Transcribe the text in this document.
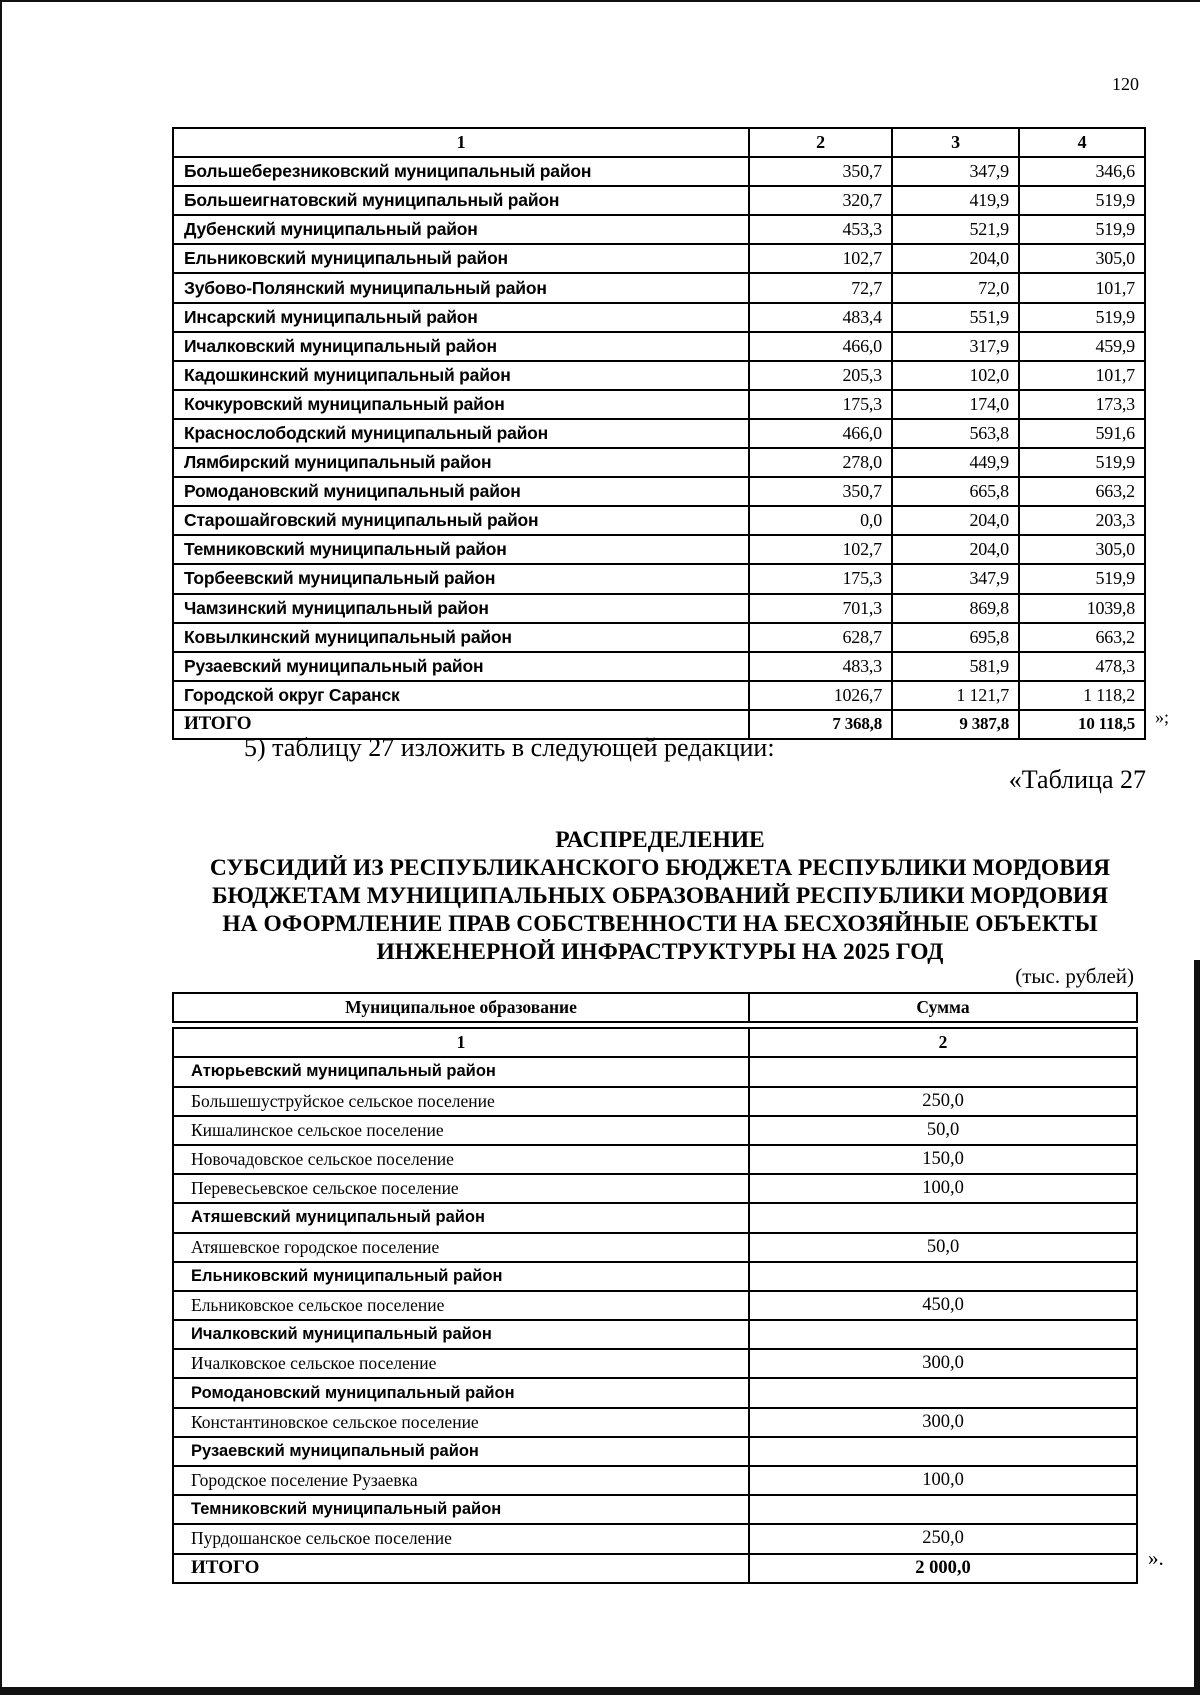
120
1	2	3	4
Большеберезниковский муниципальный район	350,7	347,9	346,6
Большеигнатовский муниципальный район	320,7	419,9	519,9
Дубенский муниципальный район	453,3	521,9	519,9
Ельниковский муниципальный район	102,7	204,0	305,0
Зубово-Полянский муниципальный район	72,7	72,0	101,7
Инсарский муниципальный район	483,4	551,9	519,9
Ичалковский муниципальный район	466,0	317,9	459,9
Кадошкинский муниципальный район	205,3	102,0	101,7
Кочкуровский муниципальный район	175,3	174,0	173,3
Краснослободский муниципальный район	466,0	563,8	591,6
Лямбирский муниципальный район	278,0	449,9	519,9
Ромодановский муниципальный район	350,7	665,8	663,2
Старошайговский муниципальный район	0,0	204,0	203,3
Темниковский муниципальный район	102,7	204,0	305,0
Торбеевский муниципальный район	175,3	347,9	519,9
Чамзинский муниципальный район	701,3	869,8	1039,8
Ковылкинский муниципальный район	628,7	695,8	663,2
Рузаевский муниципальный район	483,3	581,9	478,3
Городской округ Саранск	1026,7	1 121,7	1 118,2
ИТОГО	7 368,8	9 387,8	10 118,5 »;
5) таблицу 27 изложить в следующей редакции:
«Таблица 27
РАСПРЕДЕЛЕНИЕ
СУБСИДИЙ ИЗ РЕСПУБЛИКАНСКОГО БЮДЖЕТА РЕСПУБЛИКИ МОРДОВИЯ
БЮДЖЕТАМ МУНИЦИПАЛЬНЫХ ОБРАЗОВАНИЙ РЕСПУБЛИКИ МОРДОВИЯ
НА ОФОРМЛЕНИЕ ПРАВ СОБСТВЕННОСТИ НА БЕСХОЗЯЙНЫЕ ОБЪЕКТЫ
ИНЖЕНЕРНОЙ ИНФРАСТРУКТУРЫ НА 2025 ГОД
(тыс. рублей)
Муниципальное образование	Сумма

1	2
Атюрьевский муниципальный район	
Большешуструйское сельское поселение	250,0
Кишалинское сельское поселение	50,0
Новочадовское сельское поселение	150,0
Перевесьевское сельское поселение	100,0
Атяшевский муниципальный район	
Атяшевское городское поселение	50,0
Ельниковский муниципальный район	
Ельниковское сельское поселение	450,0
Ичалковский муниципальный район	
Ичалковское сельское поселение	300,0
Ромодановский муниципальный район	
Константиновское сельское поселение	300,0
Рузаевский муниципальный район	
Городское поселение Рузаевка	100,0
Темниковский муниципальный район	
Пурдошанское сельское поселение	250,0
ИТОГО	2 000,0	».
